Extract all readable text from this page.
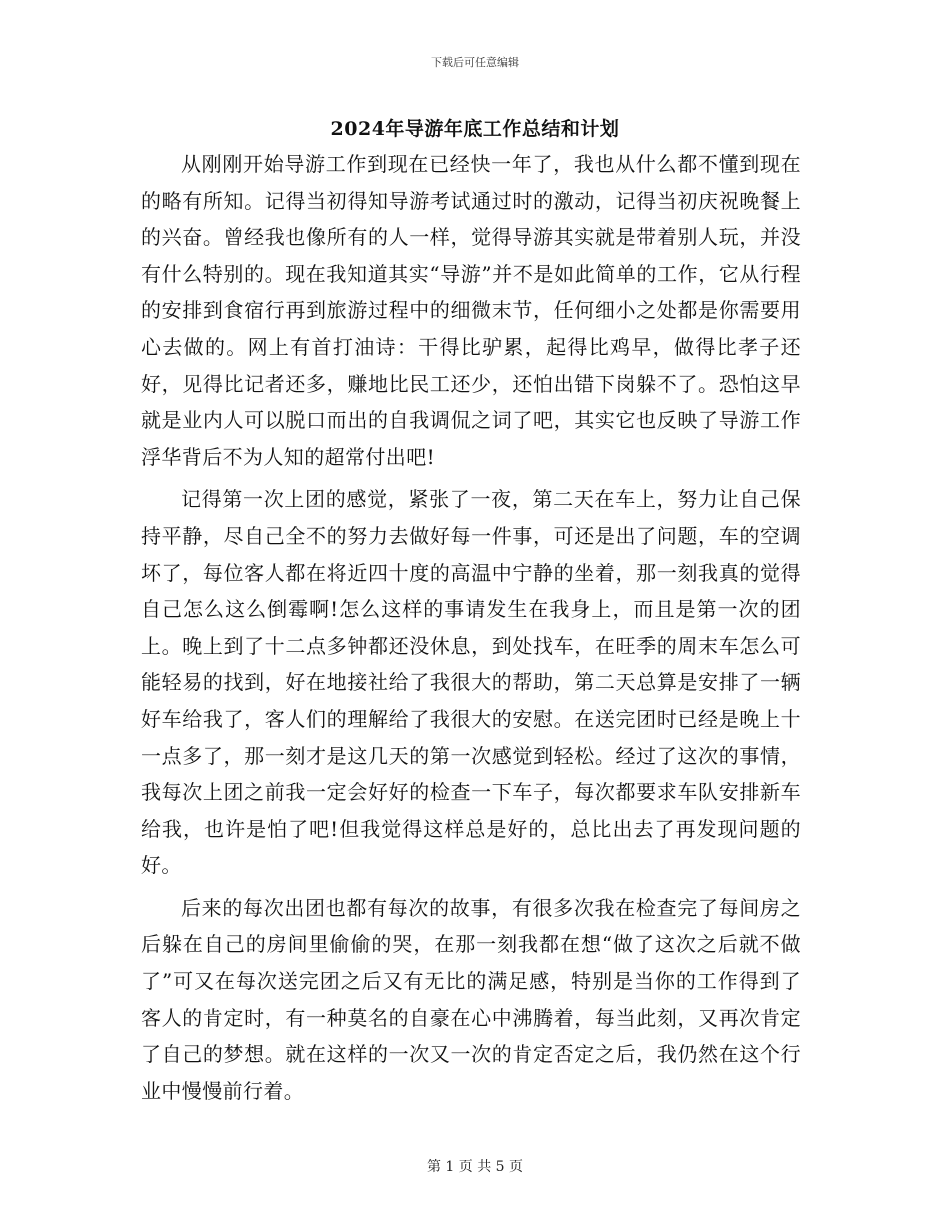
下载后可任意编辑
2024年导游年底工作总结和计划

从刚刚开始导游工作到现在已经快一年了，我也从什么都不懂到现在的略有所知。记得当初得知导游考试通过时的激动，记得当初庆祝晚餐上的兴奋。曾经我也像所有的人一样，觉得导游其实就是带着别人玩，并没有什么特别的。现在我知道其实“导游”并不是如此简单的工作，它从行程的安排到食宿行再到旅游过程中的细微末节，任何细小之处都是你需要用心去做的。网上有首打油诗：干得比驴累，起得比鸡早，做得比孝子还好，见得比记者还多，赚地比民工还少，还怕出错下岗躲不了。恐怕这早就是业内人可以脱口而出的自我调侃之词了吧，其实它也反映了导游工作浮华背后不为人知的超常付出吧!

记得第一次上团的感觉，紧张了一夜，第二天在车上，努力让自己保持平静，尽自己全不的努力去做好每一件事，可还是出了问题，车的空调坏了，每位客人都在将近四十度的高温中宁静的坐着，那一刻我真的觉得自己怎么这么倒霉啊!怎么这样的事请发生在我身上，而且是第一次的团上。晚上到了十二点多钟都还没休息，到处找车，在旺季的周末车怎么可能轻易的找到，好在地接社给了我很大的帮助，第二天总算是安排了一辆好车给我了，客人们的理解给了我很大的安慰。在送完团时已经是晚上十一点多了，那一刻才是这几天的第一次感觉到轻松。经过了这次的事情，我每次上团之前我一定会好好的检查一下车子，每次都要求车队安排新车给我，也许是怕了吧!但我觉得这样总是好的，总比出去了再发现问题的好。

后来的每次出团也都有每次的故事，有很多次我在检查完了每间房之后躲在自己的房间里偷偷的哭，在那一刻我都在想“做了这次之后就不做了”可又在每次送完团之后又有无比的满足感，特别是当你的工作得到了客人的肯定时，有一种莫名的自豪在心中沸腾着，每当此刻，又再次肯定了自己的梦想。就在这样的一次又一次的肯定否定之后，我仍然在这个行业中慢慢前行着。

第 1 页 共 5 页
